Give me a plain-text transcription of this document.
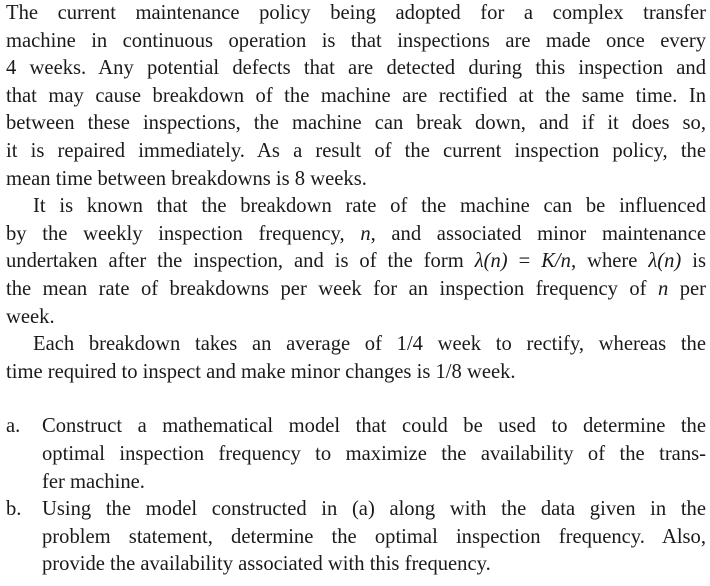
The current maintenance policy being adopted for a complex transfer
machine in continuous operation is that inspections are made once every
4 weeks. Any potential defects that are detected during this inspection and
that may cause breakdown of the machine are rectified at the same time. In
between these inspections, the machine can break down, and if it does so,
it is repaired immediately. As a result of the current inspection policy, the
mean time between breakdowns is 8 weeks.
It is known that the breakdown rate of the machine can be influenced
by the weekly inspection frequency, n, and associated minor maintenance
undertaken after the inspection, and is of the form λ(n) = K/n, where λ(n) is
the mean rate of breakdowns per week for an inspection frequency of n per
week.
Each breakdown takes an average of 1/4 week to rectify, whereas the
time required to inspect and make minor changes is 1/8 week.
a. Construct a mathematical model that could be used to determine the
optimal inspection frequency to maximize the availability of the trans-
fer machine.
b. Using the model constructed in (a) along with the data given in the
problem statement, determine the optimal inspection frequency. Also,
provide the availability associated with this frequency.
